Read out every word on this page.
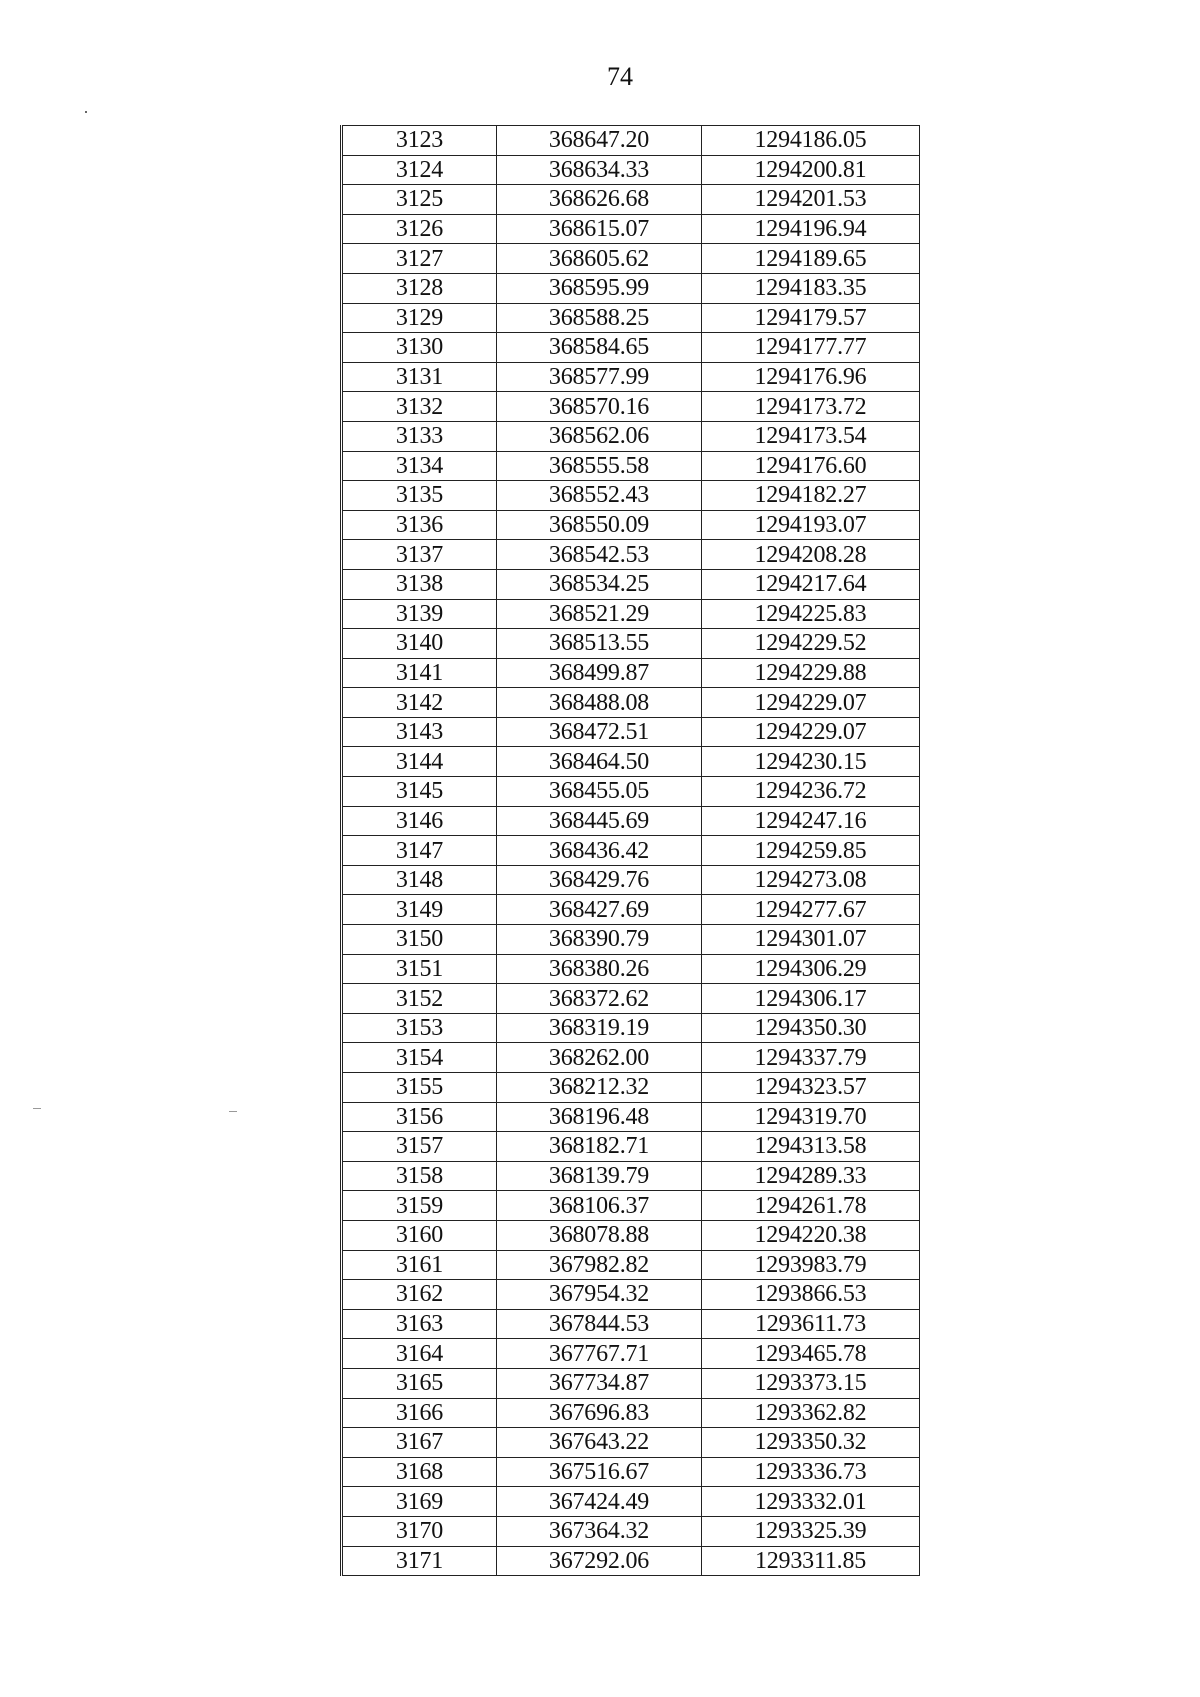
74
3123	368647.20	1294186.05
3124	368634.33	1294200.81
3125	368626.68	1294201.53
3126	368615.07	1294196.94
3127	368605.62	1294189.65
3128	368595.99	1294183.35
3129	368588.25	1294179.57
3130	368584.65	1294177.77
3131	368577.99	1294176.96
3132	368570.16	1294173.72
3133	368562.06	1294173.54
3134	368555.58	1294176.60
3135	368552.43	1294182.27
3136	368550.09	1294193.07
3137	368542.53	1294208.28
3138	368534.25	1294217.64
3139	368521.29	1294225.83
3140	368513.55	1294229.52
3141	368499.87	1294229.88
3142	368488.08	1294229.07
3143	368472.51	1294229.07
3144	368464.50	1294230.15
3145	368455.05	1294236.72
3146	368445.69	1294247.16
3147	368436.42	1294259.85
3148	368429.76	1294273.08
3149	368427.69	1294277.67
3150	368390.79	1294301.07
3151	368380.26	1294306.29
3152	368372.62	1294306.17
3153	368319.19	1294350.30
3154	368262.00	1294337.79
3155	368212.32	1294323.57
3156	368196.48	1294319.70
3157	368182.71	1294313.58
3158	368139.79	1294289.33
3159	368106.37	1294261.78
3160	368078.88	1294220.38
3161	367982.82	1293983.79
3162	367954.32	1293866.53
3163	367844.53	1293611.73
3164	367767.71	1293465.78
3165	367734.87	1293373.15
3166	367696.83	1293362.82
3167	367643.22	1293350.32
3168	367516.67	1293336.73
3169	367424.49	1293332.01
3170	367364.32	1293325.39
3171	367292.06	1293311.85
